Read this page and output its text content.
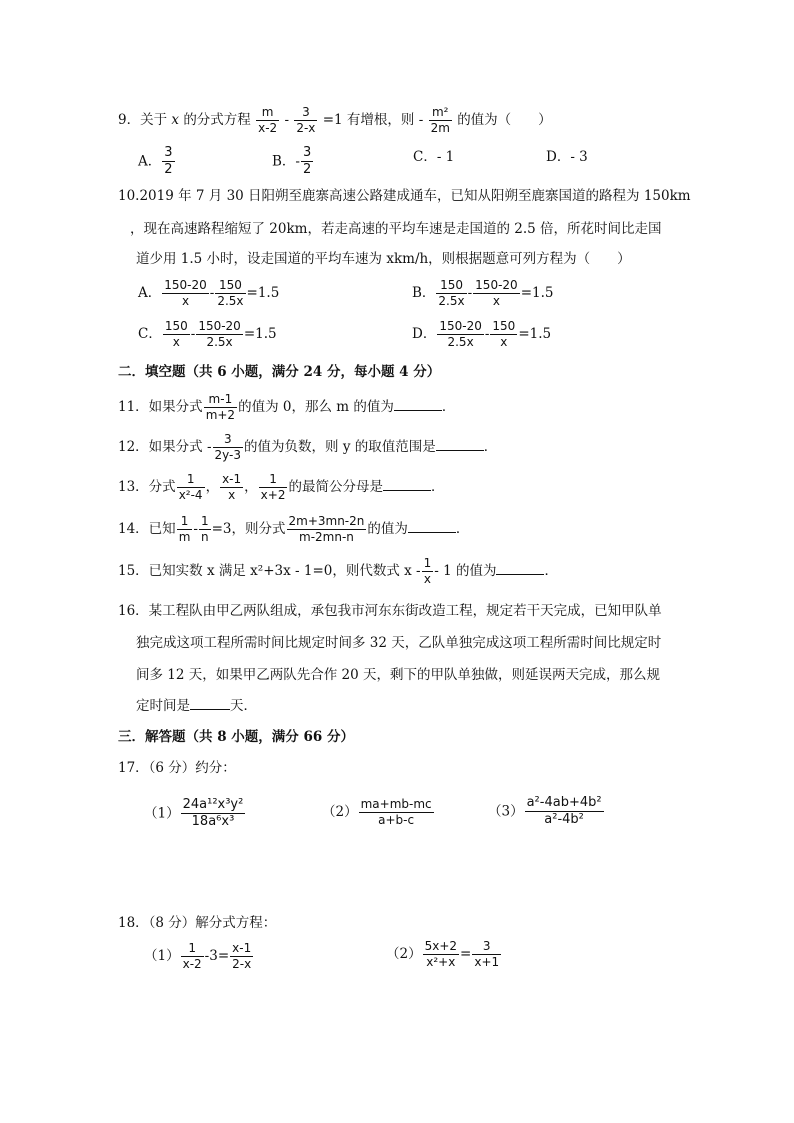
9．关于 x 的分式方程 $\frac{m}{x-2} - \frac{3}{2-x} =1$ 有增根，则 - $\frac{\text{m²}}{2m}$ 的值为（　　）
A． $\frac{3}{2}$	B．- $\frac{3}{2}$	C．- 1	D．- 3
10.2019 年 7 月 30 日阳朔至鹿寨高速公路建成通车，已知从阳朔至鹿寨国道的路程为 150km
，现在高速路程缩短了 20km，若走高速的平均车速是走国道的 2.5 倍，所花时间比走国
道少用 1.5 小时，设走国道的平均车速为 xkm/h，则根据题意可列方程为（　　）
A． $\frac{150-20}{x} - \frac{150}{2.5x} =1.5$	B． $\frac{150}{2.5x} - \frac{150-20}{x} =1.5$
C． $\frac{150}{x} - \frac{150-20}{2.5x} =1.5$	D． $\frac{150-20}{2.5x} - \frac{150}{x} =1.5$
二．填空题（共 6 小题，满分 24 分，每小题 4 分）
11．如果分式 $\frac{m-1}{m+2}$ 的值为 0，那么 m 的值为	．
12．如果分式 - $\frac{3}{2y-3}$ 的值为负数，则 y 的取值范围是	．
13．分式 $\frac{1}{\text{x²-4}}$ ， $\frac{x-1}{x}$ ， $\frac{1}{x+2}$ 的最简公分母是	．
14．已知 $\frac{1}{m} - \frac{1}{n} =3$，则分式 $\frac{2m+3mn-2n}{m-2mn-n}$ 的值为	．
15．已知实数 x 满足 x²+3x - 1=0，则代数式 x - $\frac{1}{x} - 1$ 的值为	．
16．某工程队由甲乙两队组成，承包我市河东东街改造工程，规定若干天完成，已知甲队单
独完成这项工程所需时间比规定时间多 32 天，乙队单独完成这项工程所需时间比规定时
间多 12 天，如果甲乙两队先合作 20 天，剩下的甲队单独做，则延误两天完成，那么规
定时间是	天．
三．解答题（共 8 小题，满分 66 分）
17．（6 分）约分：
$(1) \frac{\text{24a¹²x³y²}}{\text{18a⁶x³}}$	$(2) \frac{ma+mb-mc}{a+b-c}$	$(3) \frac{\text{a²-4ab+4b²}}{\text{a²-4b²}}$
18．（8 分）解分式方程：
$(1) \frac{1}{x-2} -3= \frac{x-1}{2-x}$	$(2) \frac{5x+2}{\text{x²+x}} = \frac{3}{x+1}$
